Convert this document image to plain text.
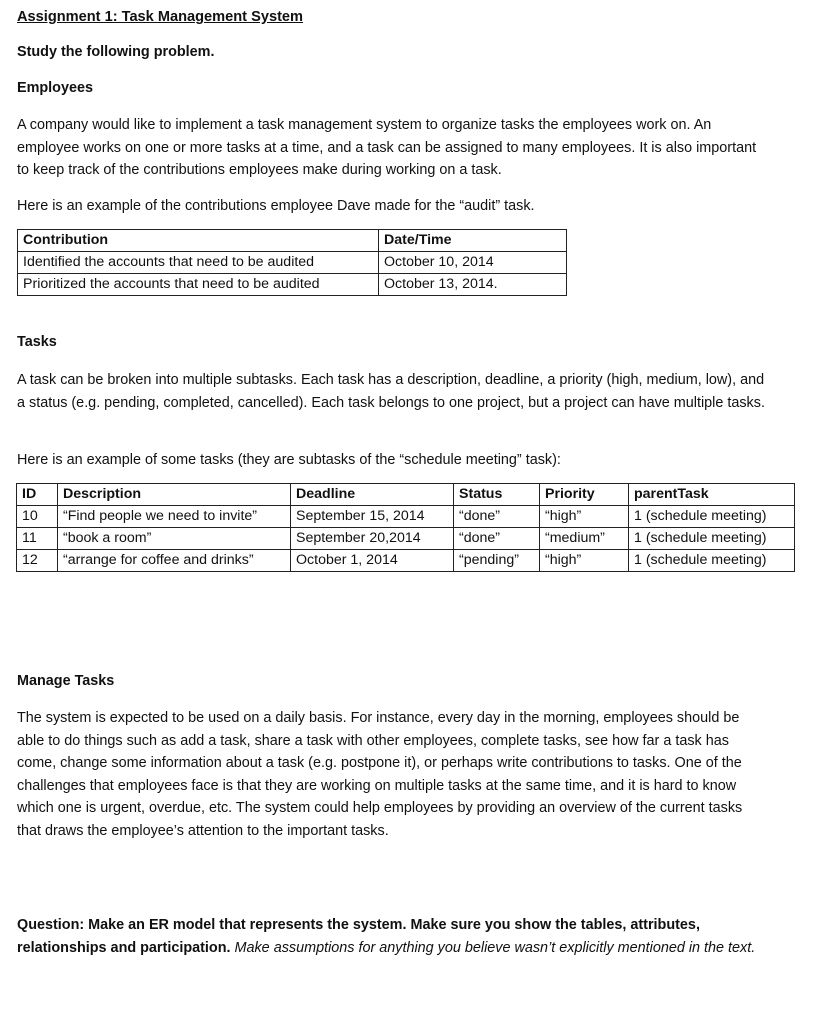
Assignment 1: Task Management System
Study the following problem.
Employees

A company would like to implement a task management system to organize tasks the employees work on. An employee works on one or more tasks at a time, and a task can be assigned to many employees. It is also important to keep track of the contributions employees make during working on a task.

Here is an example of the contributions employee Dave made for the “audit” task.

Contribution	Date/Time
Identified the accounts that need to be audited	October 10, 2014
Prioritized the accounts that need to be audited	October 13, 2014.
Tasks

A task can be broken into multiple subtasks. Each task has a description, deadline, a priority (high, medium, low), and a status (e.g. pending, completed, cancelled). Each task belongs to one project, but a project can have multiple tasks.

Here is an example of some tasks (they are subtasks of the “schedule meeting” task):

ID	Description	Deadline	Status	Priority	parentTask
10	“Find people we need to invite”	September 15, 2014	“done”	“high”	1 (schedule meeting)
11	“book a room”	September 20,2014	“done”	“medium”	1 (schedule meeting)
12	“arrange for coffee and drinks”	October 1, 2014	“pending”	“high”	1 (schedule meeting)
Manage Tasks

The system is expected to be used on a daily basis. For instance, every day in the morning, employees should be able to do things such as add a task, share a task with other employees, complete tasks, see how far a task has come, change some information about a task (e.g. postpone it), or perhaps write contributions to tasks. One of the challenges that employees face is that they are working on multiple tasks at the same time, and it is hard to know which one is urgent, overdue, etc. The system could help employees by providing an overview of the current tasks that draws the employee’s attention to the important tasks.

Question: Make an ER model that represents the system. Make sure you show the tables, attributes, relationships and participation. Make assumptions for anything you believe wasn’t explicitly mentioned in the text.
